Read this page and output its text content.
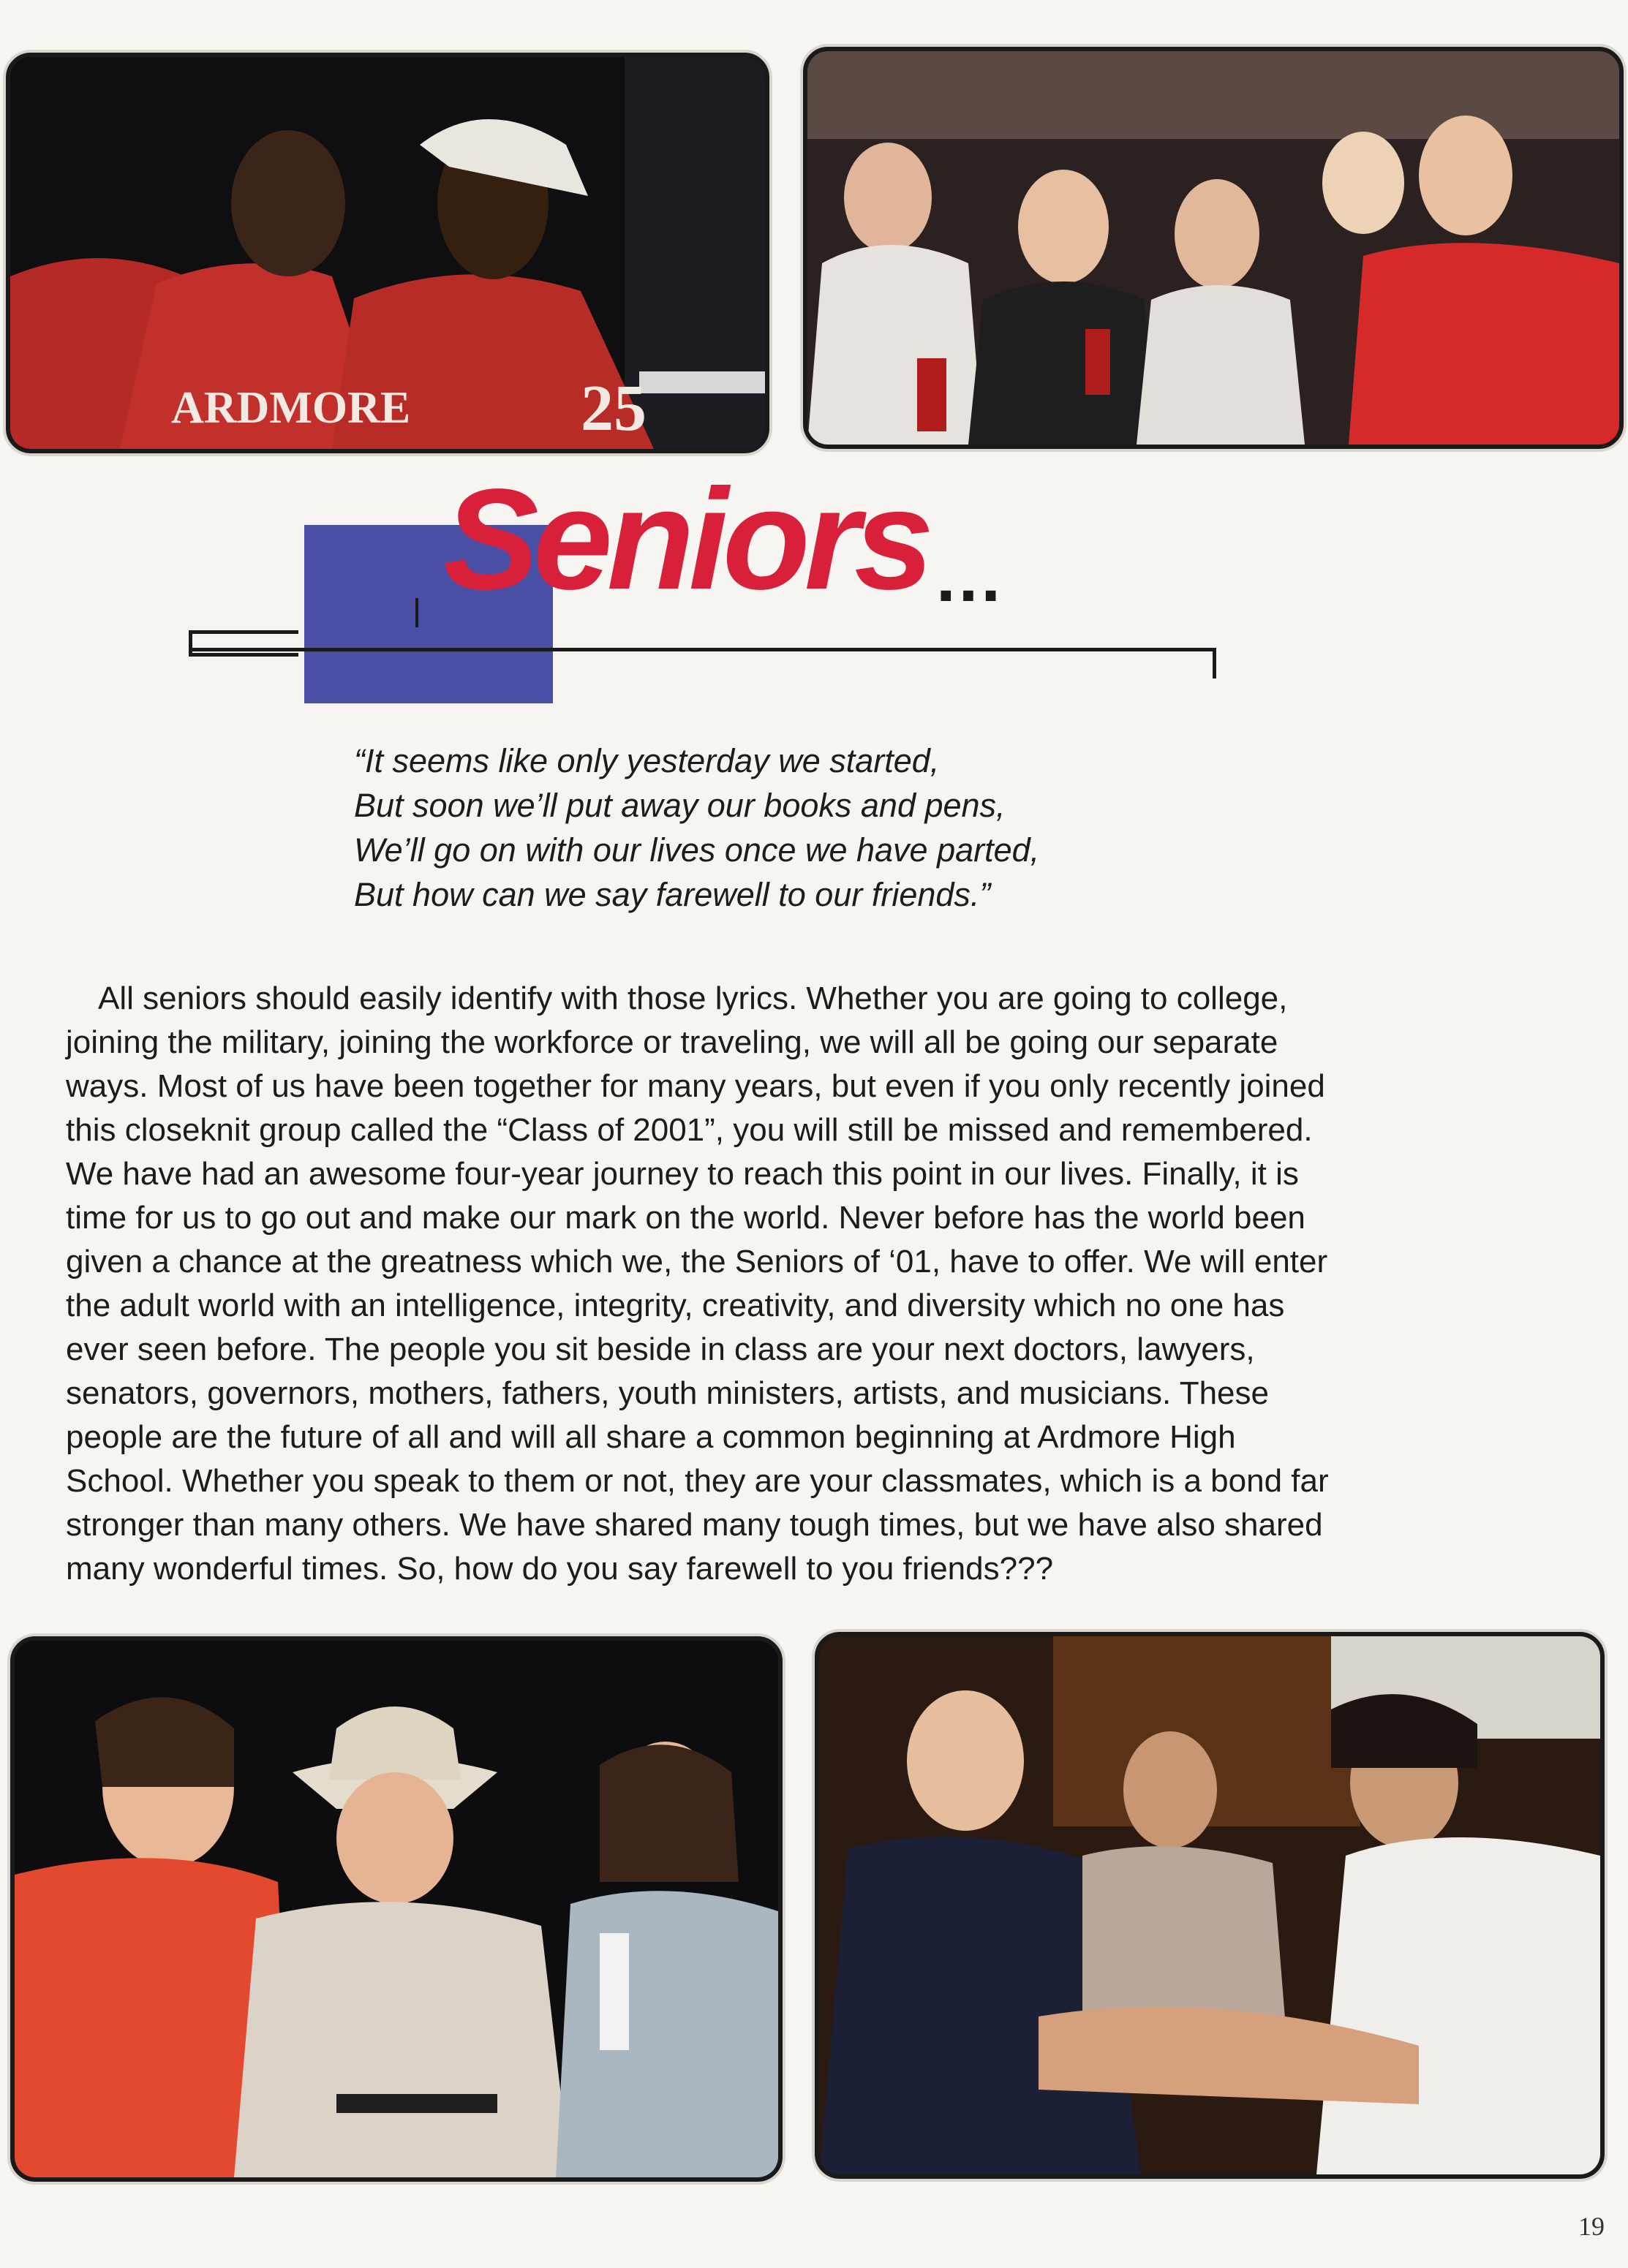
ARDMORE	25
Seniors ...
“It seems like only yesterday we started,
But soon we’ll put away our books and pens,
We’ll go on with our lives once we have parted,
But how can we say farewell to our friends.”
All seniors should easily identify with those lyrics. Whether you are going to college,
joining the military, joining the workforce or traveling, we will all be going our separate
ways. Most of us have been together for many years, but even if you only recently joined
this closeknit group called the “Class of 2001”, you will still be missed and remembered.
We have had an awesome four-year journey to reach this point in our lives. Finally, it is
time for us to go out and make our mark on the world. Never before has the world been
given a chance at the greatness which we, the Seniors of ‘01, have to offer. We will enter
the adult world with an intelligence, integrity, creativity, and diversity which no one has
ever seen before. The people you sit beside in class are your next doctors, lawyers,
senators, governors, mothers, fathers, youth ministers, artists, and musicians. These
people are the future of all and will all share a common beginning at Ardmore High
School. Whether you speak to them or not, they are your classmates, which is a bond far
stronger than many others. We have shared many tough times, but we have also shared
many wonderful times. So, how do you say farewell to you friends???
19
